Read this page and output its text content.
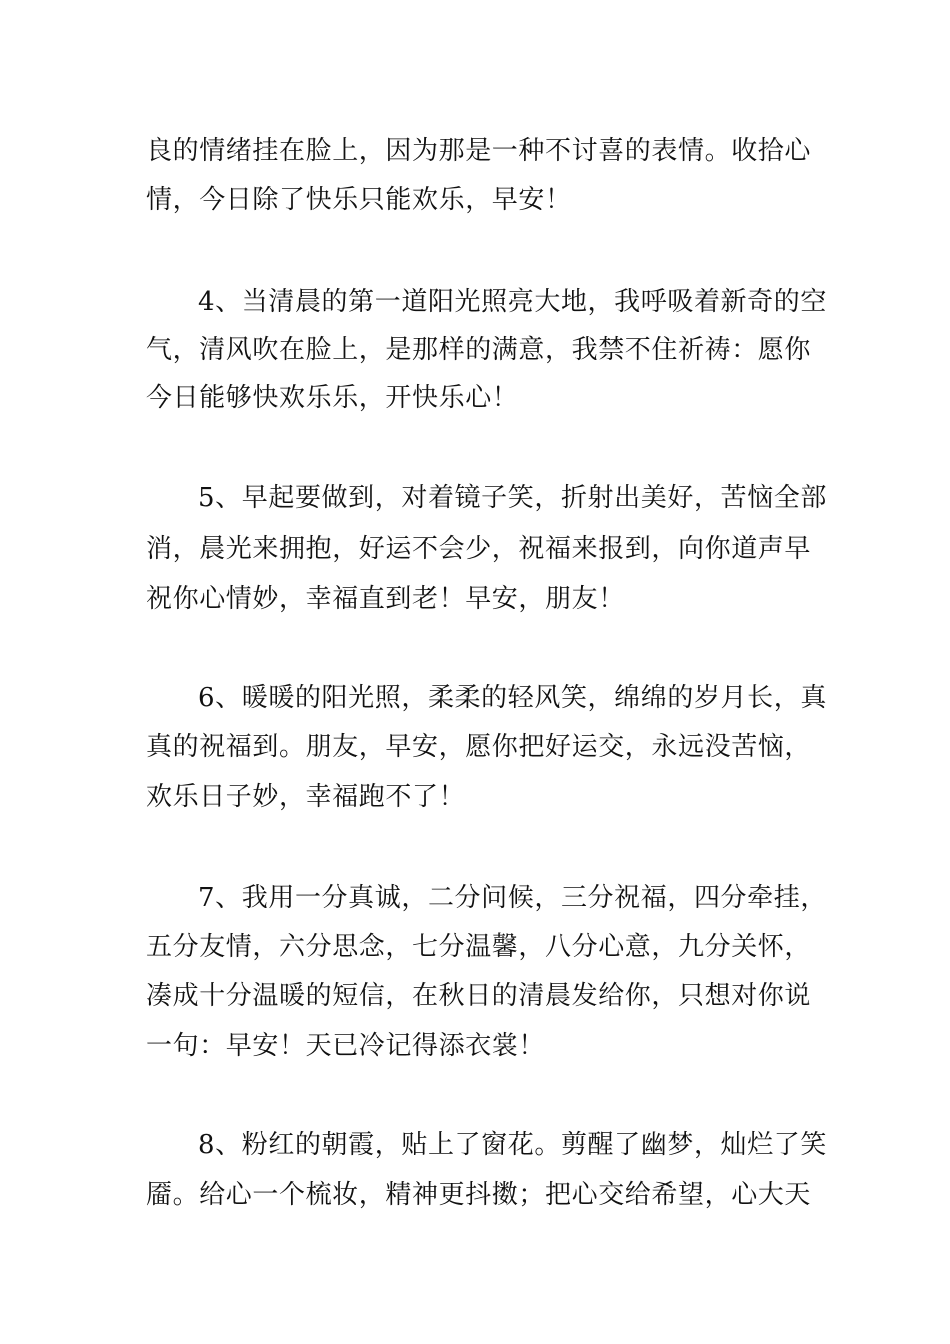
良的情绪挂在脸上，因为那是一种不讨喜的表情。收拾心
情，今日除了快乐只能欢乐，早安！
4、当清晨的第一道阳光照亮大地，我呼吸着新奇的空
气，清风吹在脸上，是那样的满意，我禁不住祈祷：愿你
今日能够快欢乐乐，开快乐心！
5、早起要做到，对着镜子笑，折射出美好，苦恼全部
消，晨光来拥抱，好运不会少，祝福来报到，向你道声早
祝你心情妙，幸福直到老！早安，朋友！
6、暖暖的阳光照，柔柔的轻风笑，绵绵的岁月长，真
真的祝福到。朋友，早安，愿你把好运交，永远没苦恼，
欢乐日子妙，幸福跑不了！
7、我用一分真诚，二分问候，三分祝福，四分牵挂，
五分友情，六分思念，七分温馨，八分心意，九分关怀，
凑成十分温暖的短信，在秋日的清晨发给你，只想对你说
一句：早安！天已冷记得添衣裳！
8、粉红的朝霞，贴上了窗花。剪醒了幽梦，灿烂了笑
靥。给心一个梳妆，精神更抖擞；把心交给希望，心大天
